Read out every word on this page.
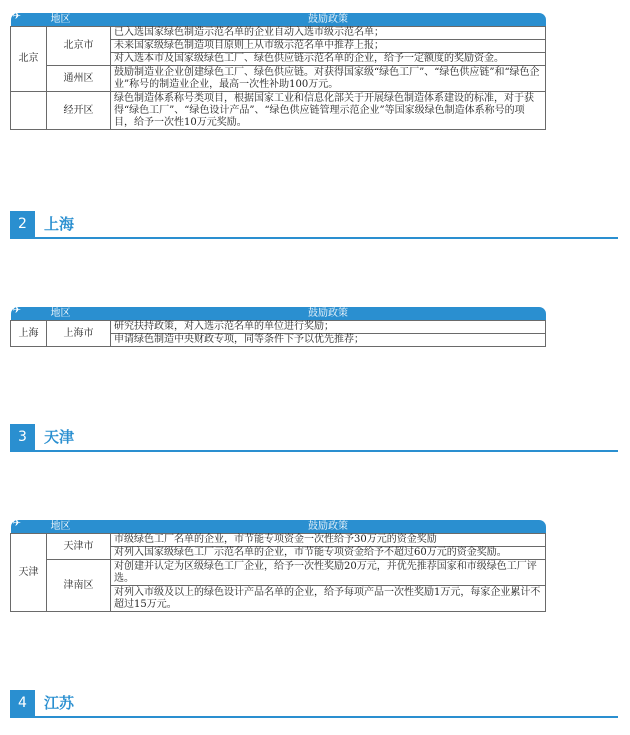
地区		✈ 鼓励政策
北京	北京市	已入选国家绿色制造示范名单的企业自动入选市级示范名单；
		未来国家级绿色制造项目原则上从市级示范名单中推荐上报；
		对入选本市及国家级绿色工厂、绿色供应链示范名单的企业，给予一定额度的奖励资金。
	通州区	鼓励制造业企业创建绿色工厂、绿色供应链。对获得国家级“绿色工厂”、“绿色供应链”和“绿色企业”称号的制造业企业，最高一次性补助100万元。
	经开区	绿色制造体系称号类项目，根据国家工业和信息化部关于开展绿色制造体系建设的标准，对于获得“绿色工厂”、“绿色设计产品”、“绿色供应链管理示范企业”等国家级绿色制造体系称号的项目，给予一次性10万元奖励。
2	上海
地区		✈ 鼓励政策
上海	上海市	研究扶持政策，对入选示范名单的单位进行奖励；
		申请绿色制造中央财政专项，同等条件下予以优先推荐；
3	天津
地区		✈ 鼓励政策
天津	天津市	市级绿色工厂名单的企业，市节能专项资金一次性给予30万元的资金奖励
		对列入国家级绿色工厂示范名单的企业，市节能专项资金给予不超过60万元的资金奖励。
	津南区	对创建并认定为区级绿色工厂企业，给予一次性奖励20万元，并优先推荐国家和市级绿色工厂评选。
		对列入市级及以上的绿色设计产品名单的企业，给予每项产品一次性奖励1万元，每家企业累计不超过15万元。
4	江苏
